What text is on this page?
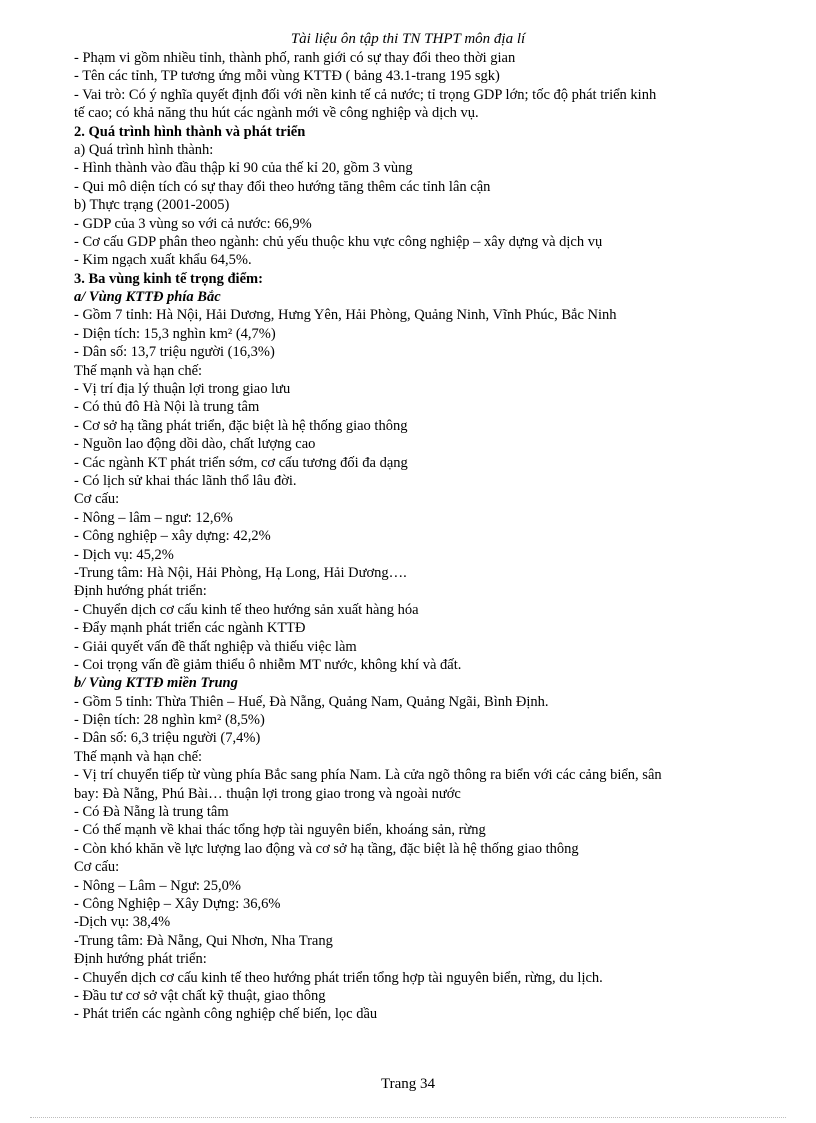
Tài liệu ôn tập thi TN THPT môn địa lí
- Phạm vi gồm nhiều tỉnh, thành phố, ranh giới có sự thay đổi theo thời gian
- Tên các tỉnh, TP tương ứng mỗi vùng KTTĐ ( bảng 43.1-trang 195 sgk)
- Vai trò: Có ý nghĩa quyết định đối với nền kinh tế cả nước; tỉ trọng GDP lớn; tốc độ phát triển kinh
tế cao; có khả năng thu hút các ngành mới về công nghiệp và dịch vụ.
2. Quá trình hình thành và phát triển
a) Quá trình hình thành:
- Hình thành vào đầu thập kỉ 90 của thế kỉ 20, gồm 3 vùng
- Qui mô diện tích có sự thay đổi theo hướng tăng thêm các tỉnh lân cận
b) Thực trạng (2001-2005)
- GDP của 3 vùng so với cả nước: 66,9%
- Cơ cấu GDP phân theo ngành: chủ yếu thuộc khu vực công nghiệp – xây dựng và dịch vụ
- Kim ngạch xuất khẩu 64,5%.
3. Ba vùng kinh tế trọng điểm:
a/ Vùng KTTĐ phía Bắc
- Gồm 7 tỉnh: Hà Nội, Hải Dương, Hưng Yên, Hải Phòng, Quảng Ninh, Vĩnh Phúc, Bắc Ninh
- Diện tích: 15,3 nghìn km² (4,7%)
- Dân số: 13,7 triệu người (16,3%)
Thế mạnh và hạn chế:
- Vị trí địa lý thuận lợi trong giao lưu
- Có thủ đô Hà Nội là trung tâm
- Cơ sở hạ tầng phát triển, đặc biệt là hệ thống giao thông
- Nguồn lao động dồi dào, chất lượng cao
- Các ngành KT phát triển sớm, cơ cấu tương đối đa dạng
- Có lịch sử khai thác lãnh thổ lâu đời.
Cơ cấu:
- Nông – lâm – ngư: 12,6%
- Công nghiệp – xây dựng: 42,2%
- Dịch vụ: 45,2%
-Trung tâm: Hà Nội, Hải Phòng, Hạ Long, Hải Dương….
Định hướng phát triển:
- Chuyển dịch cơ cấu kinh tế theo hướng sản xuất hàng hóa
- Đẩy mạnh phát triển các ngành KTTĐ
- Giải quyết vấn đề thất nghiệp và thiếu việc làm
- Coi trọng vấn đề giảm thiểu ô nhiễm MT nước, không khí và đất.
b/ Vùng KTTĐ miền Trung
- Gồm 5 tỉnh: Thừa Thiên – Huế, Đà Nẵng, Quảng Nam, Quảng Ngãi, Bình Định.
- Diện tích: 28 nghìn km² (8,5%)
- Dân số: 6,3 triệu người (7,4%)
Thế mạnh và hạn chế:
- Vị trí chuyển tiếp từ vùng phía Bắc sang phía Nam. Là cửa ngõ thông ra biển với các cảng biển, sân
bay: Đà Nẵng, Phú Bài… thuận lợi trong giao trong và ngoài nước
- Có Đà Nẵng là trung tâm
- Có thế mạnh về khai thác tổng hợp tài nguyên biển, khoáng sản, rừng
- Còn khó khăn về lực lượng lao động và cơ sở hạ tầng, đặc biệt là hệ thống giao thông
Cơ cấu:
- Nông – Lâm – Ngư: 25,0%
- Công Nghiệp – Xây Dựng: 36,6%
-Dịch vụ: 38,4%
-Trung tâm: Đà Nẵng, Qui Nhơn, Nha Trang
Định hướng phát triển:
- Chuyển dịch cơ cấu kinh tế theo hướng phát triển tổng hợp tài nguyên biển, rừng, du lịch.
- Đầu tư cơ sở vật chất kỹ thuật, giao thông
- Phát triển các ngành công nghiệp chế biến, lọc dầu
Trang 34
